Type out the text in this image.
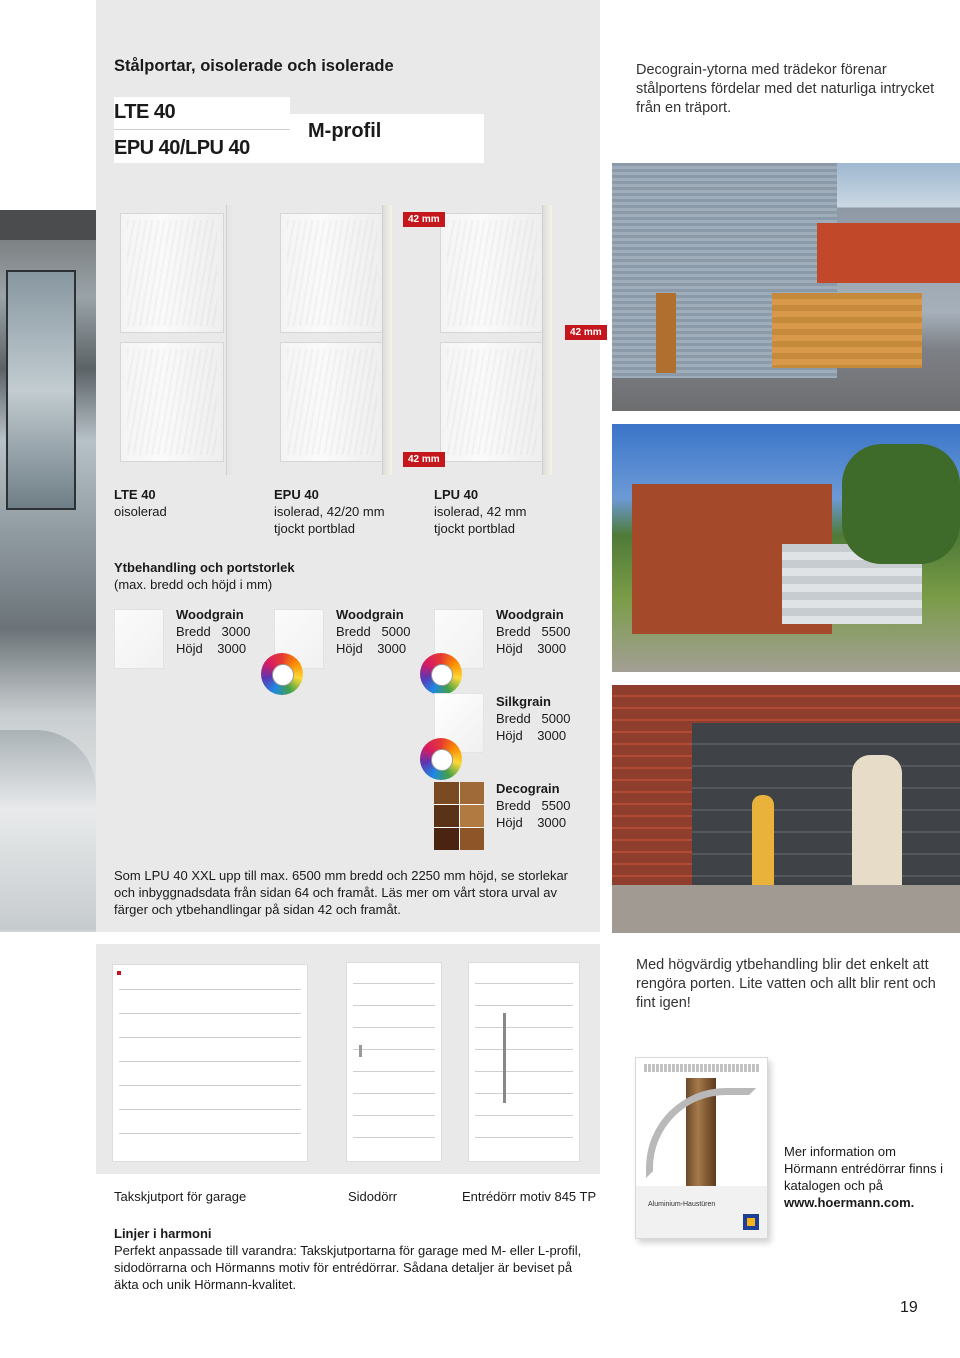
Stålportar, oisolerade och isolerade
LTE 40
EPU 40/LPU 40
M-profil
Decograin-ytorna med trädekor förenar stålportens fördelar med det naturliga intrycket från en träport.
42 mm
42 mm
42 mm
LTE 40
oisolerad
EPU 40
isolerad, 42/20 mm tjockt portblad
LPU 40
isolerad, 42 mm tjockt portblad
Ytbehandling och portstorlek
(max. bredd och höjd i mm)
Woodgrain
Bredd 3000
Höjd 3000
Woodgrain
Bredd 5000
Höjd 3000
Woodgrain
Bredd 5500
Höjd 3000
Silkgrain
Bredd 5000
Höjd 3000
Decograin
Bredd 5500
Höjd 3000
Som LPU 40 XXL upp till max. 6500 mm bredd och 2250 mm höjd, se storlekar och inbyggnadsdata från sidan 64 och framåt. Läs mer om vårt stora urval av färger och ytbehandlingar på sidan 42 och framåt.
Med högvärdig ytbehandling blir det enkelt att rengöra porten. Lite vatten och allt blir rent och fint igen!
Takskjutport för garage	Sidodörr	Entrédörr motiv 845 TP
Linjer i harmoni
Perfekt anpassade till varandra: Takskjutportarna för garage med M- eller L-profil, sidodörrarna och Hörmanns motiv för entrédörrar. Sådana detaljer är beviset på äkta och unik Hörmann-kvalitet.
Aluminium-Haustüren
Mer information om Hörmann entrédörrar finns i katalogen och på www.hoermann.com.
19
